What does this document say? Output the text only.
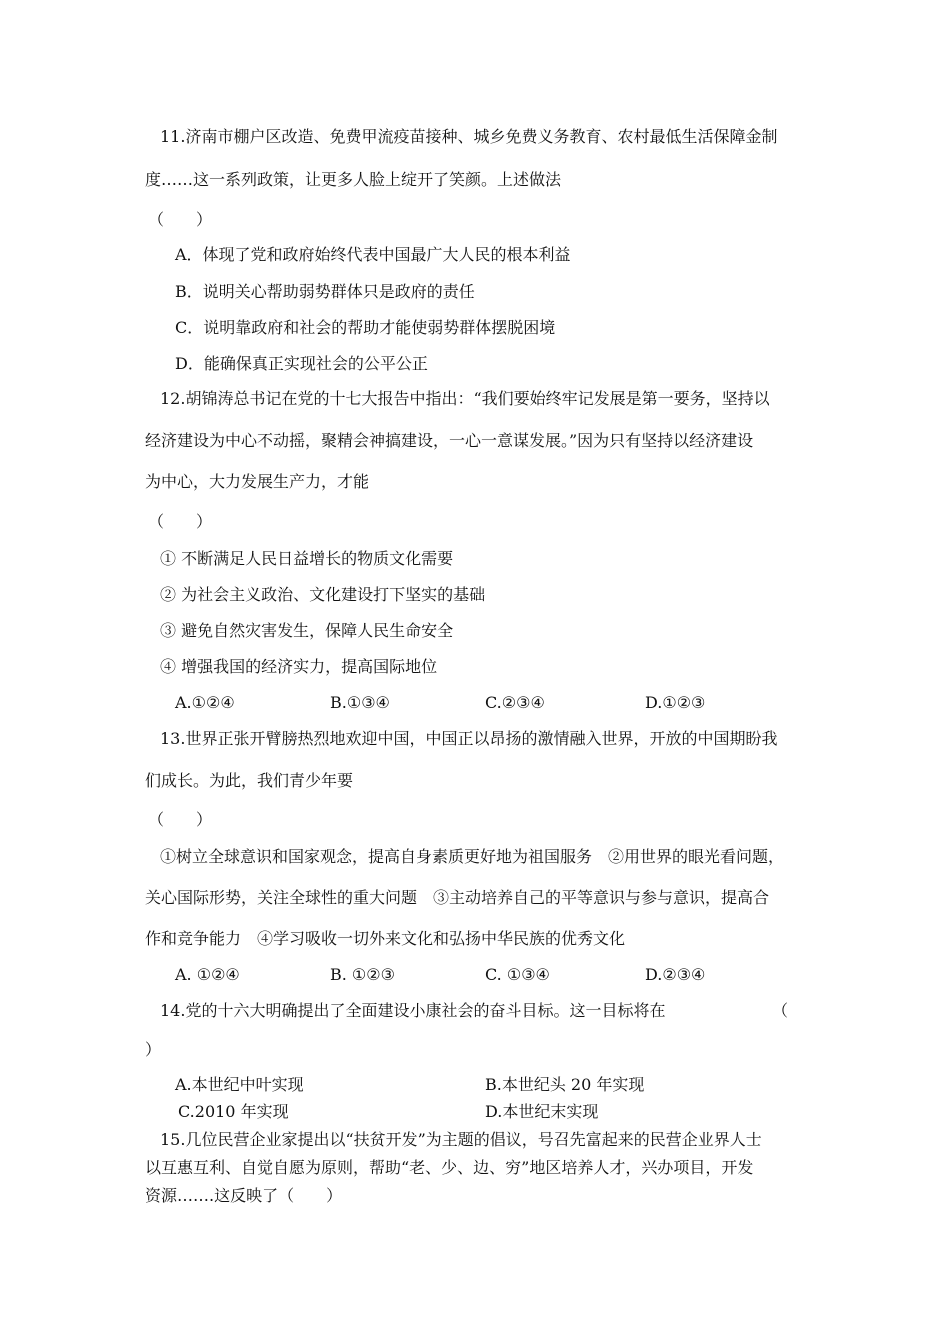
11.济南市棚户区改造、免费甲流疫苗接种、城乡免费义务教育、农村最低生活保障金制
度……这一系列政策，让更多人脸上绽开了笑颜。上述做法
（　　）
A．体现了党和政府始终代表中国最广大人民的根本利益
B．说明关心帮助弱势群体只是政府的责任
C．说明靠政府和社会的帮助才能使弱势群体摆脱困境
D．能确保真正实现社会的公平公正
12.胡锦涛总书记在党的十七大报告中指出：“我们要始终牢记发展是第一要务，坚持以
经济建设为中心不动摇，聚精会神搞建设，一心一意谋发展。”因为只有坚持以经济建设
为中心，大力发展生产力，才能
（　　）
① 不断满足人民日益增长的物质文化需要
② 为社会主义政治、文化建设打下坚实的基础
③ 避免自然灾害发生，保障人民生命安全
④ 增强我国的经济实力，提高国际地位
A.①②④	B.①③④	C.②③④	D.①②③
13.世界正张开臂膀热烈地欢迎中国，中国正以昂扬的激情融入世界，开放的中国期盼我
们成长。为此，我们青少年要
（　　）
①树立全球意识和国家观念，提高自身素质更好地为祖国服务　②用世界的眼光看问题，
关心国际形势，关注全球性的重大问题　③主动培养自己的平等意识与参与意识，提高合
作和竞争能力　④学习吸收一切外来文化和弘扬中华民族的优秀文化
A. ①②④	B. ①②③	C. ①③④	D.②③④
14.党的十六大明确提出了全面建设小康社会的奋斗目标。这一目标将在	（
）
A.本世纪中叶实现	B.本世纪头 20 年实现
C.2010 年实现	D.本世纪末实现
15.几位民营企业家提出以“扶贫开发”为主题的倡议，号召先富起来的民营企业界人士
以互惠互利、自觉自愿为原则，帮助“老、少、边、穷”地区培养人才，兴办项目，开发
资源…….这反映了（　　）
